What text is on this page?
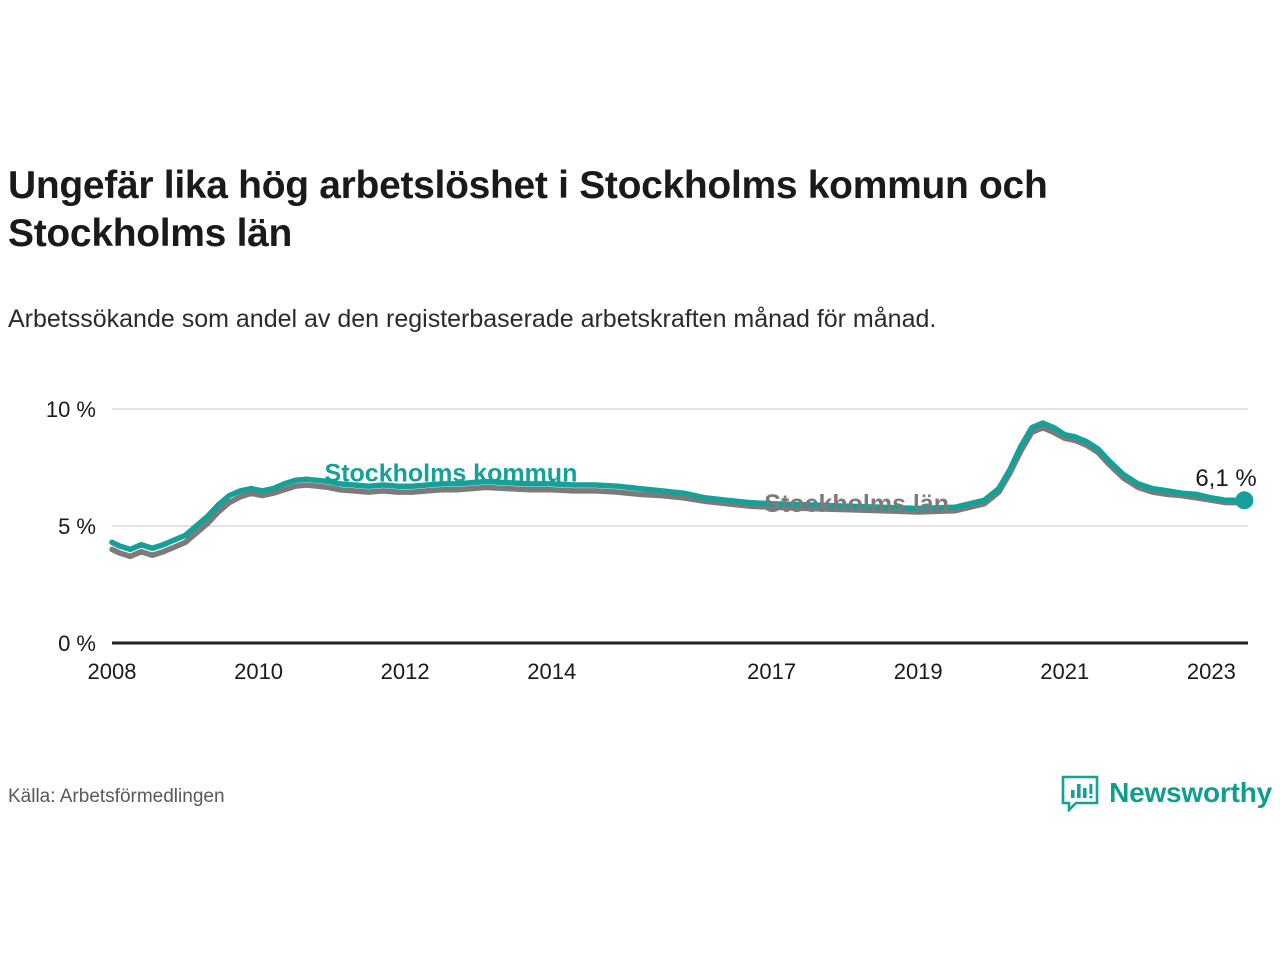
Ungefär lika hög arbetslöshet i Stockholms kommun och Stockholms län

Arbetssökande som andel av den registerbaserade arbetskraften månad för månad.

0 %
5 %
10 %
2008	2010	2012	2014	2017	2019	2021	2023
Stockholms kommun
Stockholms län
6,1 %
Källa: Arbetsförmedlingen	Newsworthy
